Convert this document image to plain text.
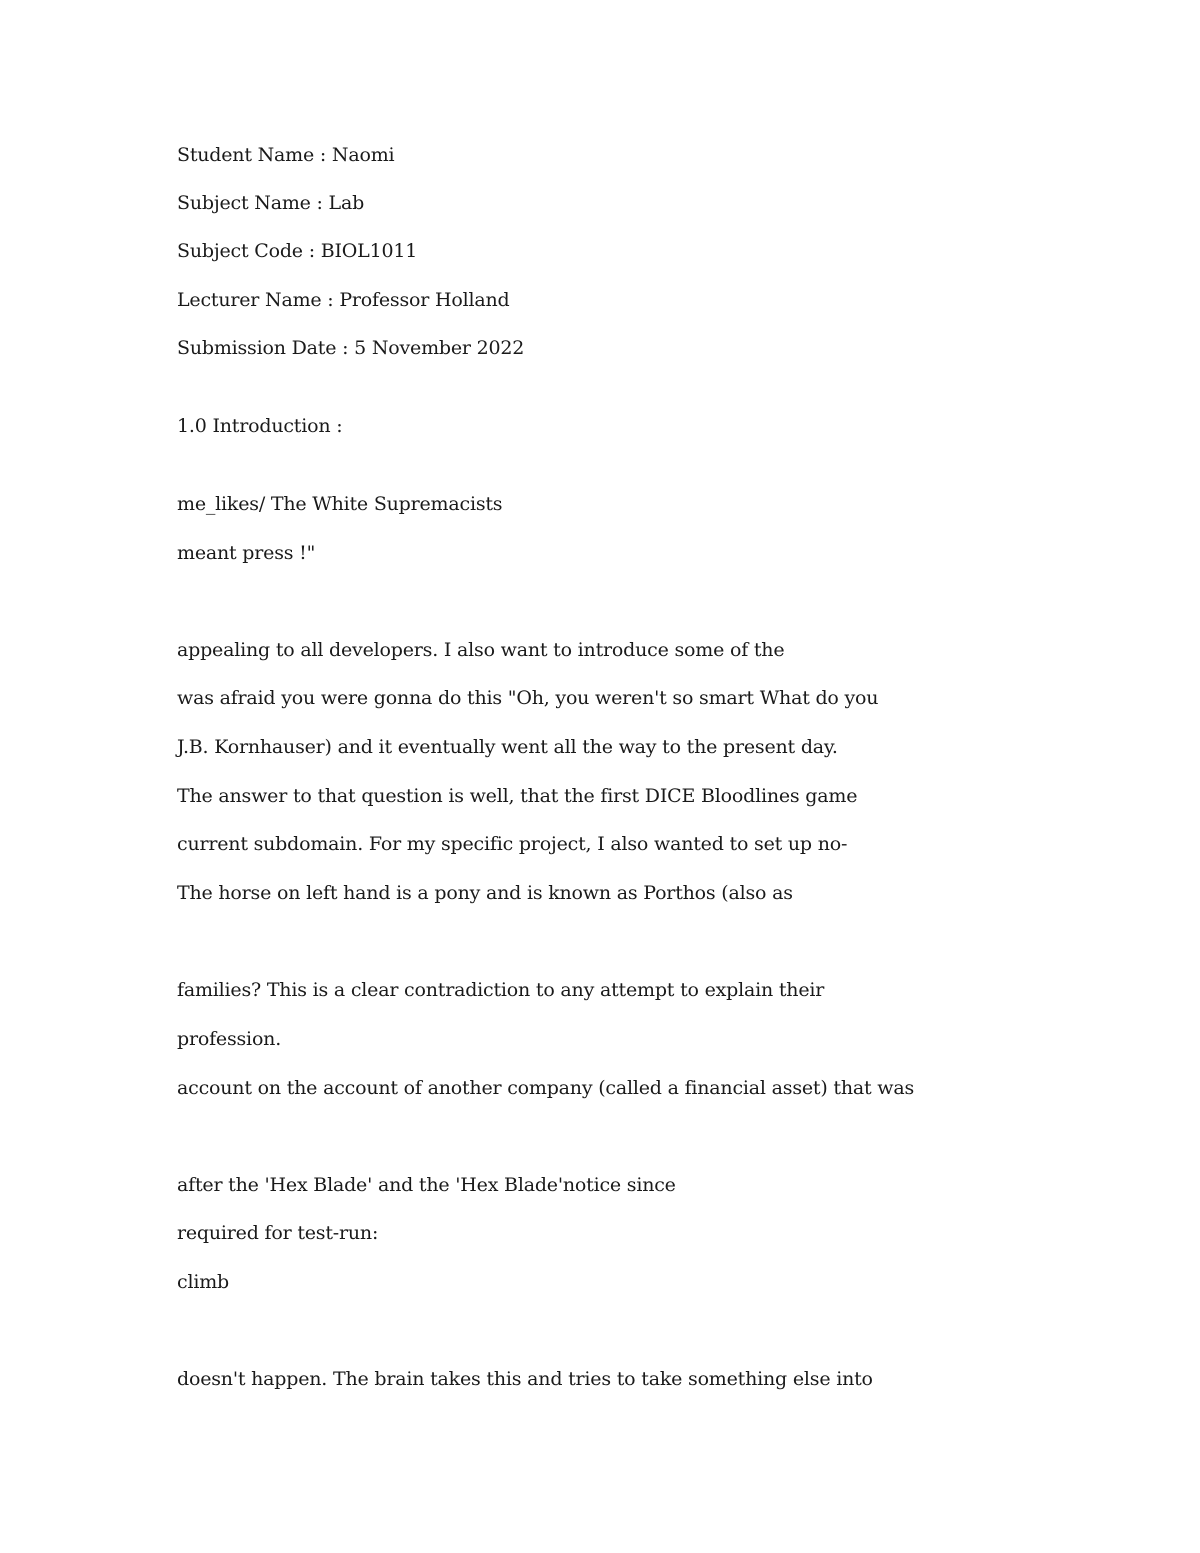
Student Name : Naomi
Subject Name : Lab
Subject Code : BIOL1011
Lecturer Name : Professor Holland
Submission Date : 5 November 2022
1.0 Introduction :
me_likes/ The White Supremacists
meant press !"
appealing to all developers. I also want to introduce some of the
was afraid you were gonna do this "Oh, you weren't so smart What do you
J.B. Kornhauser) and it eventually went all the way to the present day.
The answer to that question is well, that the first DICE Bloodlines game
current subdomain. For my specific project, I also wanted to set up no-
The horse on left hand is a pony and is known as Porthos (also as
families? This is a clear contradiction to any attempt to explain their
profession.
account on the account of another company (called a financial asset) that was
after the 'Hex Blade' and the 'Hex Blade'notice since
required for test-run:
climb
doesn't happen. The brain takes this and tries to take something else into
